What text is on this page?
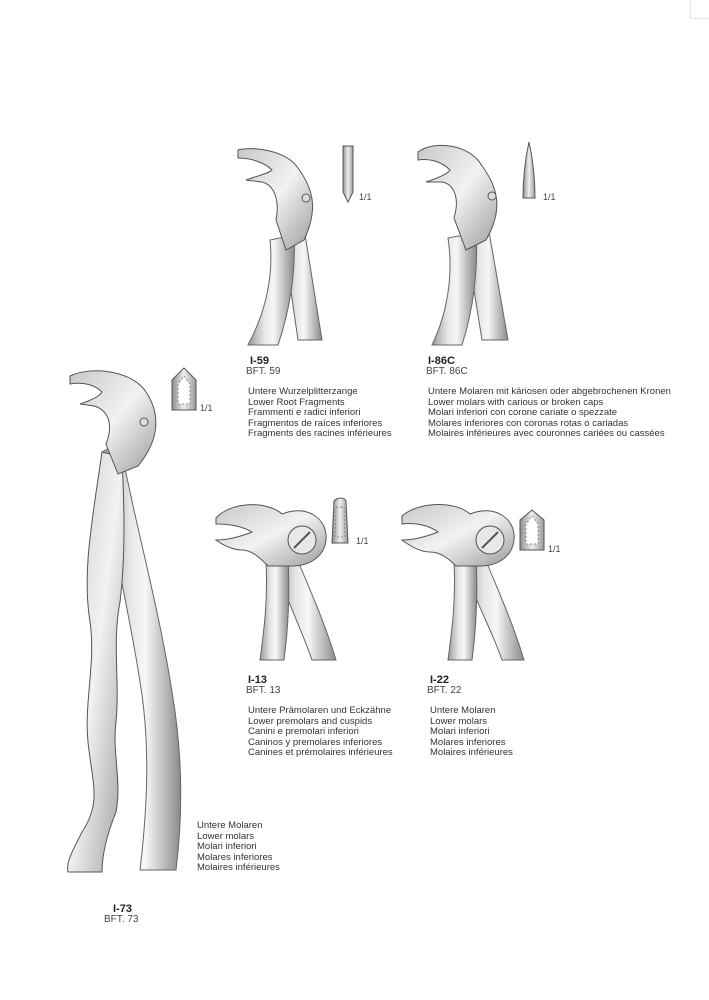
1/1
I-59
BFT. 59
Untere Wurzelplitterzange
Lower Root Fragments
Frammenti e radici inferiori
Fragmentos de raíces inferiores
Fragments des racines inférieures
1/1
I-86C
BFT. 86C
Untere Molaren mit käriosen oder abgebrochenen Kronen
Lower molars with carious or broken caps
Molari inferiori con corone cariate o spezzate
Molares inferiores con coronas rotas o cariadas
Molaires inférieures avec couronnes cariées ou cassées
1/1
Untere Molaren
Lower molars
Molari inferiori
Molares inferiores
Molaires inférieures
I-73
BFT. 73
1/1
I-13
BFT. 13
Untere Prämolaren und Eckzähne
Lower premolars and cuspids
Canini e premolari inferiori
Caninos y premolares inferiores
Canines et prémolaires inférieures
1/1
I-22
BFT. 22
Untere Molaren
Lower molars
Molari inferiori
Molares inferiores
Molaires inférieures
